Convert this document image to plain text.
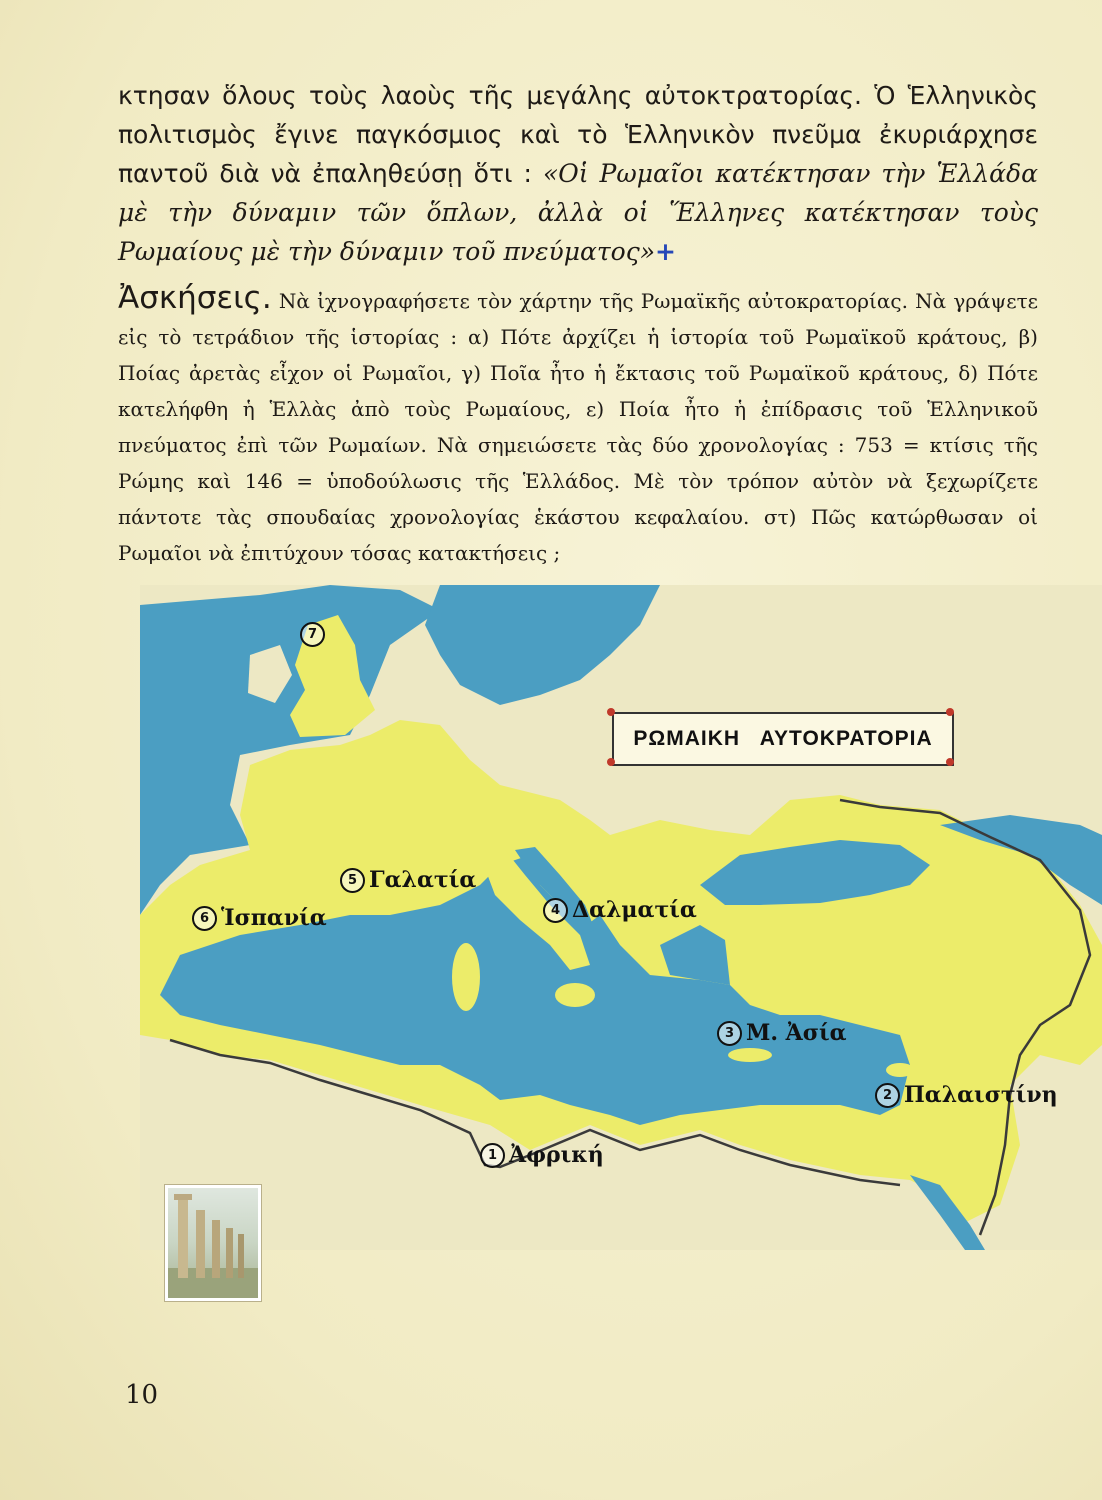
κτησαν ὅλους τοὺς λαοὺς τῆς μεγάλης αὐτοκτρατορίας. Ὁ Ἑλληνικὸς πολιτισμὸς ἔγινε παγκόσμιος καὶ τὸ Ἑλληνικὸν πνεῦμα ἐκυριάρχησε παντοῦ διὰ νὰ ἐπαληθεύσῃ ὅτι : «Οἱ Ρωμαῖοι κατέκτησαν τὴν Ἑλλάδα μὲ τὴν δύναμιν τῶν ὅπλων, ἀλλὰ οἱ Ἕλληνες κατέκτησαν τοὺς Ρωμαίους μὲ τὴν δύναμιν τοῦ πνεύματος»+

Ἀσκήσεις. Νὰ ἰχνογραφήσετε τὸν χάρτην τῆς Ρωμαϊκῆς αὐτοκρατορίας. Νὰ γράψετε εἰς τὸ τετράδιον τῆς ἱστορίας : α) Πότε ἀρχίζει ἡ ἱστορία τοῦ Ρωμαϊκοῦ κράτους, β) Ποίας ἀρετὰς εἶχον οἱ Ρωμαῖοι, γ) Ποῖα ἦτο ἡ ἔκτασις τοῦ Ρωμαϊκοῦ κράτους, δ) Πότε κατελήφθη ἡ Ἑλλὰς ἀπὸ τοὺς Ρωμαίους, ε) Ποία ἦτο ἡ ἐπίδρασις τοῦ Ἑλληνικοῦ πνεύματος ἐπὶ τῶν Ρωμαίων. Νὰ σημειώσετε τὰς δύο χρονολογίας : 753 = κτίσις τῆς Ρώμης καὶ 146 = ὑποδούλωσις τῆς Ἑλλάδος. Μὲ τὸν τρόπον αὐτὸν νὰ ξεχωρίζετε πάντοτε τὰς σπουδαίας χρονολογίας ἑκάστου κεφαλαίου. στ) Πῶς κατώρθωσαν οἱ Ρωμαῖοι νὰ ἐπιτύχουν τόσας κατακτήσεις ;

ΡΩΜΑΙΚΗ   ΑΥΤΟΚΡΑΤΟΡΙΑ
7
5 Γαλατία
6 Ἱσπανία	4 Δαλματία
3 Μ. Ἀσία
2 Παλαιστίνη
1 Ἀφρική
10
